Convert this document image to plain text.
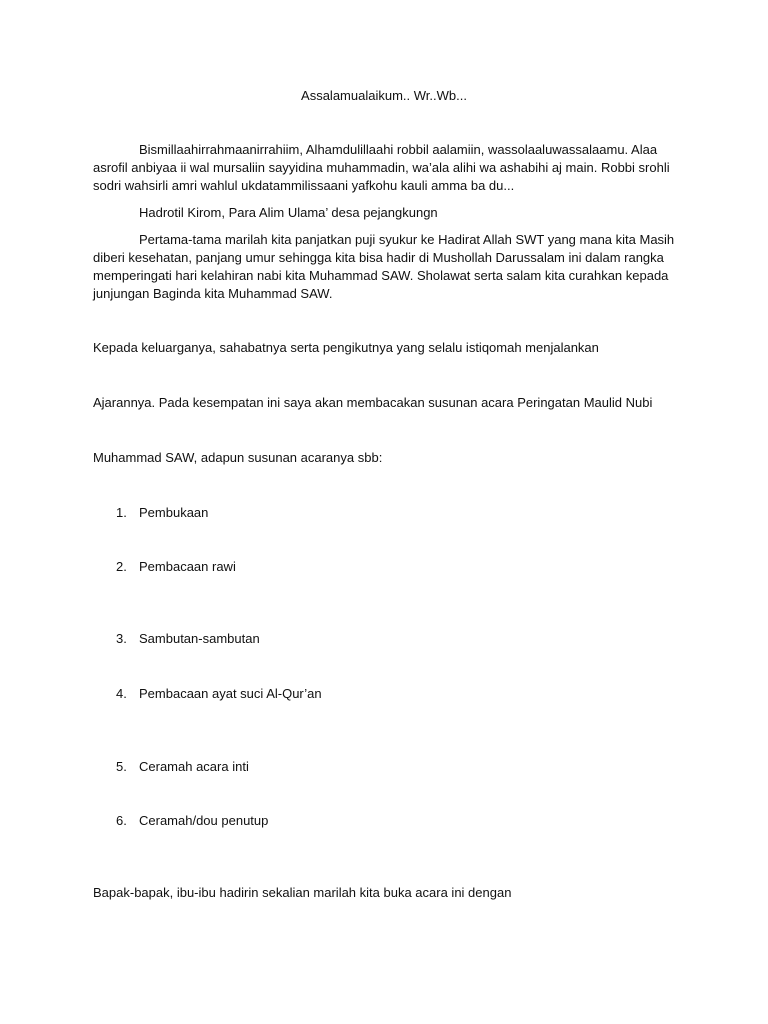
Assalamualaikum.. Wr..Wb...
Bismillaahirrahmaanirrahiim, Alhamdulillaahi robbil aalamiin, wassolaaluwassalaamu. Alaa asrofil anbiyaa ii wal mursaliin sayyidina muhammadin, wa’ala alihi wa ashabihi aj main. Robbi srohli sodri wahsirli amri wahlul ukdatammilissaani yafkohu kauli amma ba du...
Hadrotil Kirom, Para Alim Ulama’ desa pejangkungn
Pertama-tama marilah kita panjatkan puji syukur ke Hadirat Allah SWT yang mana kita Masih diberi kesehatan, panjang umur sehingga kita bisa hadir di Mushollah Darussalam ini dalam rangka memperingati hari kelahiran nabi kita Muhammad SAW. Sholawat serta salam kita curahkan kepada junjungan Baginda kita Muhammad SAW.
Kepada keluarganya, sahabatnya serta pengikutnya yang selalu istiqomah menjalankan
Ajarannya. Pada kesempatan ini saya akan membacakan susunan acara Peringatan Maulid Nubi
Muhammad SAW, adapun susunan acaranya sbb:
1. Pembukaan
2. Pembacaan rawi
3. Sambutan-sambutan
4. Pembacaan ayat suci Al-Qur’an
5. Ceramah acara inti
6. Ceramah/dou penutup
Bapak-bapak, ibu-ibu hadirin sekalian marilah kita buka acara ini dengan
